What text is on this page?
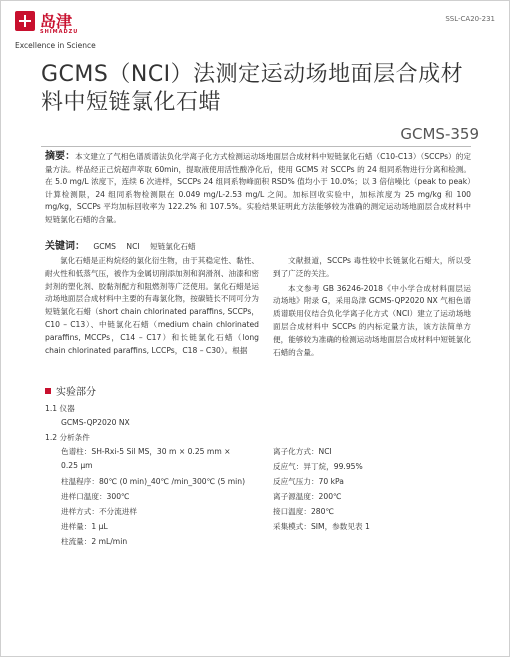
岛津
SHIMADZU
Excellence in Science
SSL-CA20-231
GCMS（NCI）法测定运动场地面层合成材料中短链氯化石蜡
GCMS-359
摘要：本文建立了气相色谱质谱法负化学离子化方式检测运动场地面层合成材料中短链氯化石蜡（C10-C13）（SCCPs）的定量方法。样品经正己烷超声萃取 60min，提取液使用活性酸净化后，使用 GCMS 对 SCCPs 的 24 组同系物进行分离和检测。在 5.0 mg/L 浓度下，连续 6 次进样，SCCPs 24 组同系物峰面积 RSD% 值均小于 10.0%；以 3 倍信噪比（peak to peak）计算检测限，24 组同系物检测限在 0.049 mg/L-2.53 mg/L 之间。加标回收实验中，加标浓度为 25 mg/kg 和 100 mg/kg，SCCPs 平均加标回收率为 122.2% 和 107.5%。实验结果证明此方法能够较为准确的测定运动场地面层合成材料中短链氯化石蜡的含量。
关键词： GCMS NCI 短链氯化石蜡
氯化石蜡是正构烷烃的氯化衍生物，由于其稳定性、黏性、耐火性和低蒸气压，被作为金属切削添加剂和润滑剂、油漆和密封剂的塑化剂、胶黏剂配方和阻燃剂等广泛使用。氯化石蜡是运动场地面层合成材料中主要的有毒氯化物，按碳链长不同可分为短链氯化石蜡（short chain chlorinated paraffins, SCCPs，C10 – C13）、中链氯化石蜡（medium chain chlorinated paraffins, MCCPs，C14 – C17）和长链氯化石蜡（long chain chlorinated paraffins, LCCPs，C18 – C30）。根据

文献报道，SCCPs 毒性较中长链氯化石蜡大，所以受到了广泛的关注。

本文参考 GB 36246-2018《中小学合成材料面层运动场地》附录 G，采用岛津 GCMS-QP2020 NX 气相色谱质谱联用仪结合负化学离子化方式（NCI）建立了运动场地面层合成材料中 SCCPs 的内标定量方法，该方法简单方便，能够较为准确的检测运动场地面层合成材料中短链氯化石蜡的含量。

实验部分
1.1 仪器
GCMS-QP2020 NX
1.2 分析条件
色谱柱：SH-Rxi-5 Sil MS，30 m × 0.25 mm ×
0.25 μm
柱温程序：80℃ (0 min)_40℃ /min_300℃ (5 min)
进样口温度：300℃
进样方式：不分流进样
进样量：1 μL
柱流量：2 mL/min
离子化方式：NCI
反应气：异丁烷，99.95%
反应气压力：70 kPa
离子源温度：200℃
接口温度：280℃
采集模式：SIM，参数见表 1
